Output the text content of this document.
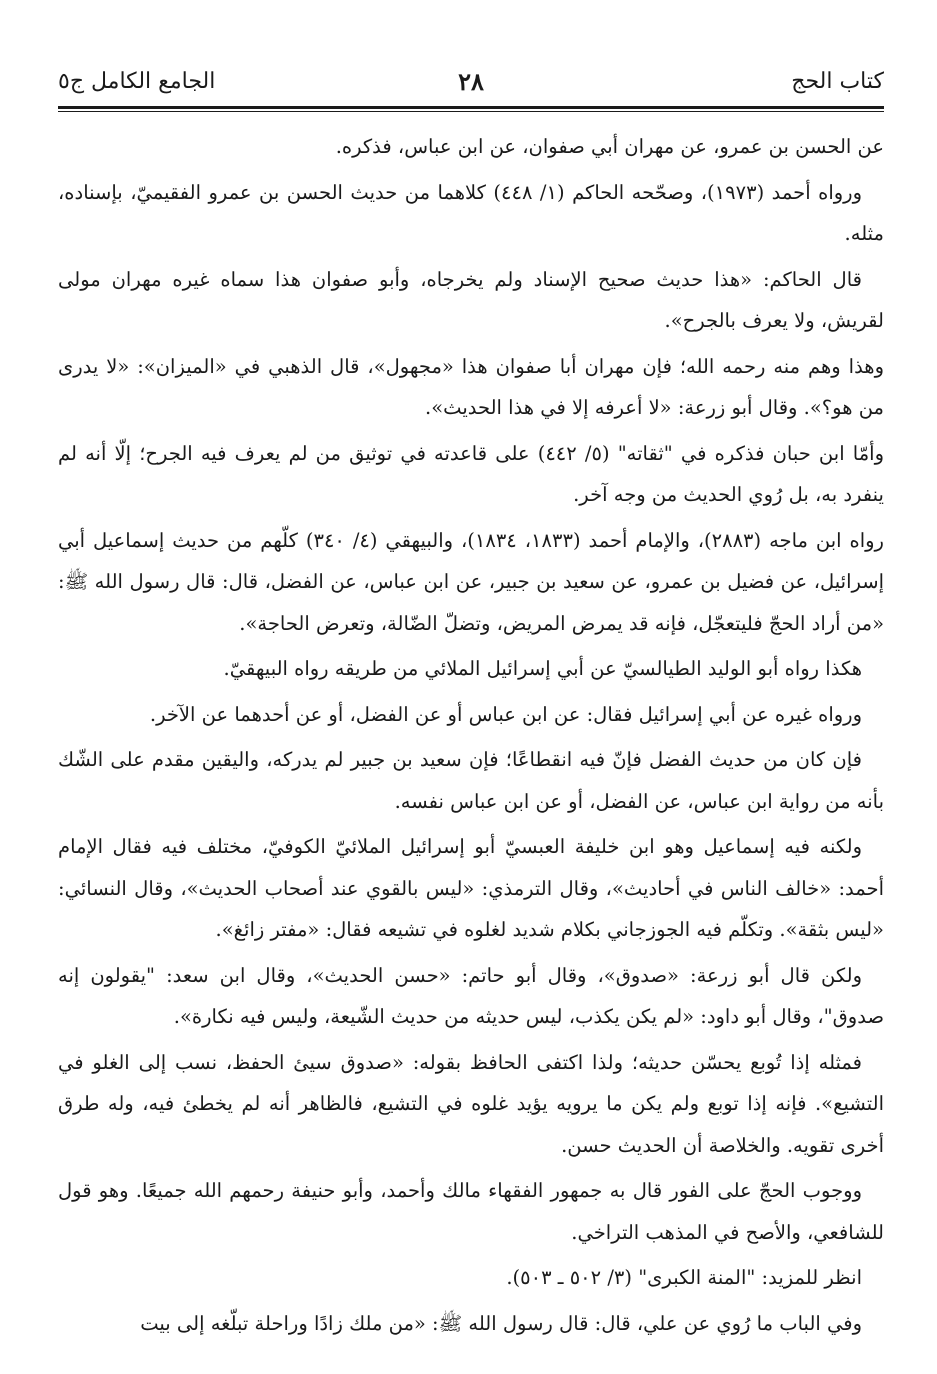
كتاب الحج
٢٨
الجامع الكامل ج٥

عن الحسن بن عمرو، عن مهران أبي صفوان، عن ابن عباس، فذكره.

ورواه أحمد (١٩٧٣)، وصحّحه الحاكم (١/ ٤٤٨) كلاهما من حديث الحسن بن عمرو الفقيميّ، بإسناده، مثله.

قال الحاكم: «هذا حديث صحيح الإسناد ولم يخرجاه، وأبو صفوان هذا سماه غيره مهران مولى لقريش، ولا يعرف بالجرح».

وهذا وهم منه رحمه الله؛ فإن مهران أبا صفوان هذا «مجهول»، قال الذهبي في «الميزان»: «لا يدرى من هو؟». وقال أبو زرعة: «لا أعرفه إلا في هذا الحديث».

وأمّا ابن حبان فذكره في "ثقاته" (٥/ ٤٤٢) على قاعدته في توثيق من لم يعرف فيه الجرح؛ إلّا أنه لم ينفرد به، بل رُوي الحديث من وجه آخر.

رواه ابن ماجه (٢٨٨٣)، والإمام أحمد (١٨٣٣، ١٨٣٤)، والبيهقي (٤/ ٣٤٠) كلّهم من حديث إسماعيل أبي إسرائيل، عن فضيل بن عمرو، عن سعيد بن جبير، عن ابن عباس، عن الفضل، قال: قال رسول الله ﷺ: «من أراد الحجّ فليتعجّل، فإنه قد يمرض المريض، وتضلّ الضّالة، وتعرض الحاجة».

هكذا رواه أبو الوليد الطيالسيّ عن أبي إسرائيل الملائي من طريقه رواه البيهقيّ.

ورواه غيره عن أبي إسرائيل فقال: عن ابن عباس أو عن الفضل، أو عن أحدهما عن الآخر.

فإن كان من حديث الفضل فإنّ فيه انقطاعًا؛ فإن سعيد بن جبير لم يدركه، واليقين مقدم على الشّك بأنه من رواية ابن عباس، عن الفضل، أو عن ابن عباس نفسه.

ولكنه فيه إسماعيل وهو ابن خليفة العبسيّ أبو إسرائيل الملائيّ الكوفيّ، مختلف فيه فقال الإمام أحمد: «خالف الناس في أحاديث»، وقال الترمذي: «ليس بالقوي عند أصحاب الحديث»، وقال النسائي: «ليس بثقة». وتكلّم فيه الجوزجاني بكلام شديد لغلوه في تشيعه فقال: «مفتر زائغ».

ولكن قال أبو زرعة: «صدوق»، وقال أبو حاتم: «حسن الحديث»، وقال ابن سعد: "يقولون إنه صدوق"، وقال أبو داود: «لم يكن يكذب، ليس حديثه من حديث الشّيعة، وليس فيه نكارة».

فمثله إذا تُوبع يحسّن حديثه؛ ولذا اكتفى الحافظ بقوله: «صدوق سيئ الحفظ، نسب إلى الغلو في التشيع». فإنه إذا توبع ولم يكن ما يرويه يؤيد غلوه في التشيع، فالظاهر أنه لم يخطئ فيه، وله طرق أخرى تقويه. والخلاصة أن الحديث حسن.

ووجوب الحجّ على الفور قال به جمهور الفقهاء مالك وأحمد، وأبو حنيفة رحمهم الله جميعًا. وهو قول للشافعي، والأصح في المذهب التراخي.

انظر للمزيد: "المنة الكبرى" (٣/ ٥٠٢ ـ ٥٠٣).

وفي الباب ما رُوي عن علي، قال: قال رسول الله ﷺ: «من ملك زادًا وراحلة تبلّغه إلى بيت
